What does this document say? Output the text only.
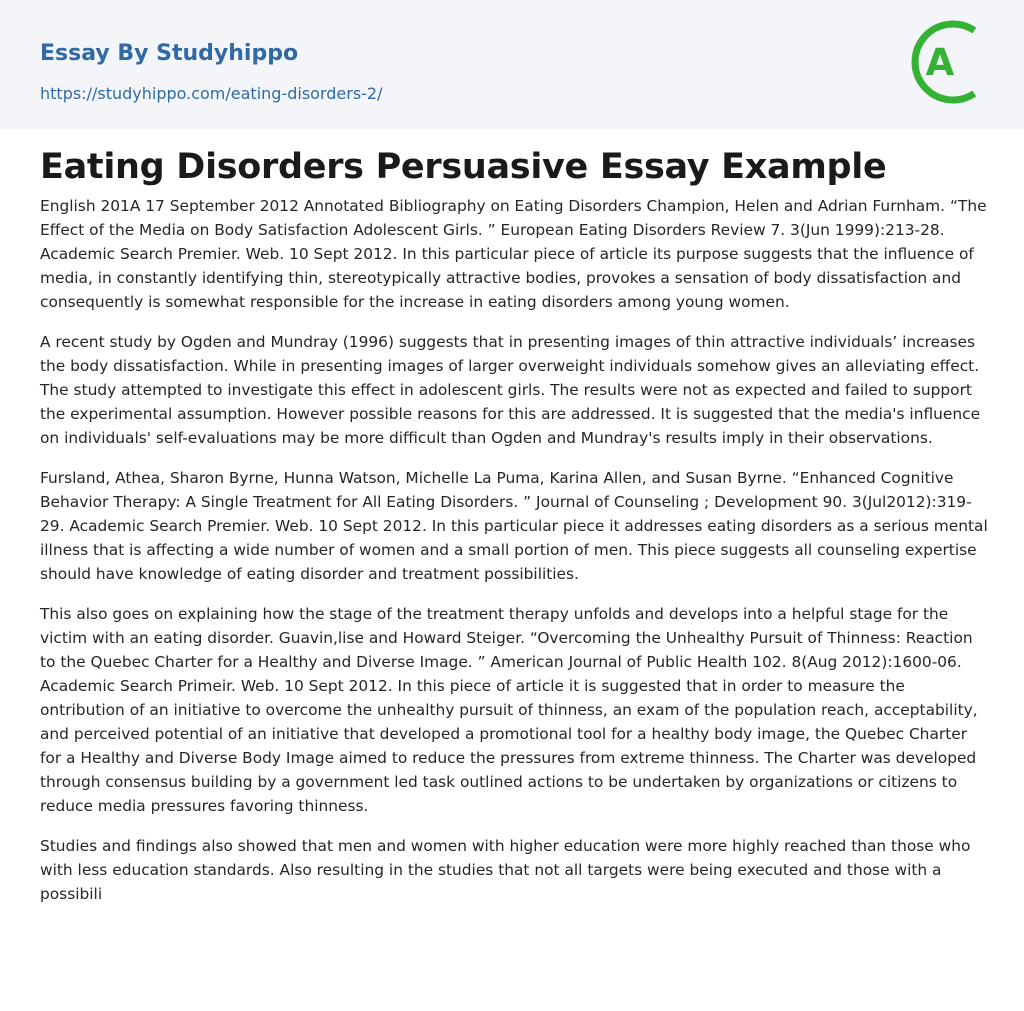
Essay By Studyhippo
https://studyhippo.com/eating-disorders-2/
A
Eating Disorders Persuasive Essay Example

English 201A 17 September 2012 Annotated Bibliography on Eating Disorders Champion, Helen and Adrian Furnham. “The Effect of the Media on Body Satisfaction Adolescent Girls. ” European Eating Disorders Review 7. 3(Jun 1999):213-28. Academic Search Premier. Web. 10 Sept 2012. In this particular piece of article its purpose suggests that the influence of media, in constantly identifying thin, stereotypically attractive bodies, provokes a sensation of body dissatisfaction and consequently is somewhat responsible for the increase in eating disorders among young women.

A recent study by Ogden and Mundray (1996) suggests that in presenting images of thin attractive individuals’ increases the body dissatisfaction. While in presenting images of larger overweight individuals somehow gives an alleviating effect. The study attempted to investigate this effect in adolescent girls. The results were not as expected and failed to support the experimental assumption. However possible reasons for this are addressed. It is suggested that the media's influence on individuals' self-evaluations may be more difficult than Ogden and Mundray's results imply in their observations.

Fursland, Athea, Sharon Byrne, Hunna Watson, Michelle La Puma, Karina Allen, and Susan Byrne. “Enhanced Cognitive Behavior Therapy: A Single Treatment for All Eating Disorders. ” Journal of Counseling ; Development 90. 3(Jul2012):319-29. Academic Search Premier. Web. 10 Sept 2012. In this particular piece it addresses eating disorders as a serious mental illness that is affecting a wide number of women and a small portion of men. This piece suggests all counseling expertise should have knowledge of eating disorder and treatment possibilities.

This also goes on explaining how the stage of the treatment therapy unfolds and develops into a helpful stage for the victim with an eating disorder. Guavin,lise and Howard Steiger. “Overcoming the Unhealthy Pursuit of Thinness: Reaction to the Quebec Charter for a Healthy and Diverse Image. ” American Journal of Public Health 102. 8(Aug 2012):1600-06. Academic Search Primeir. Web. 10 Sept 2012. In this piece of article it is suggested that in order to measure the ontribution of an initiative to overcome the unhealthy pursuit of thinness, an exam of the population reach, acceptability, and perceived potential of an initiative that developed a promotional tool for a healthy body image, the Quebec Charter for a Healthy and Diverse Body Image aimed to reduce the pressures from extreme thinness. The Charter was developed through consensus building by a government led task outlined actions to be undertaken by organizations or citizens to reduce media pressures favoring thinness.

Studies and findings also showed that men and women with higher education were more highly reached than those who with less education standards. Also resulting in the studies that not all targets were being executed and those with a possibili
